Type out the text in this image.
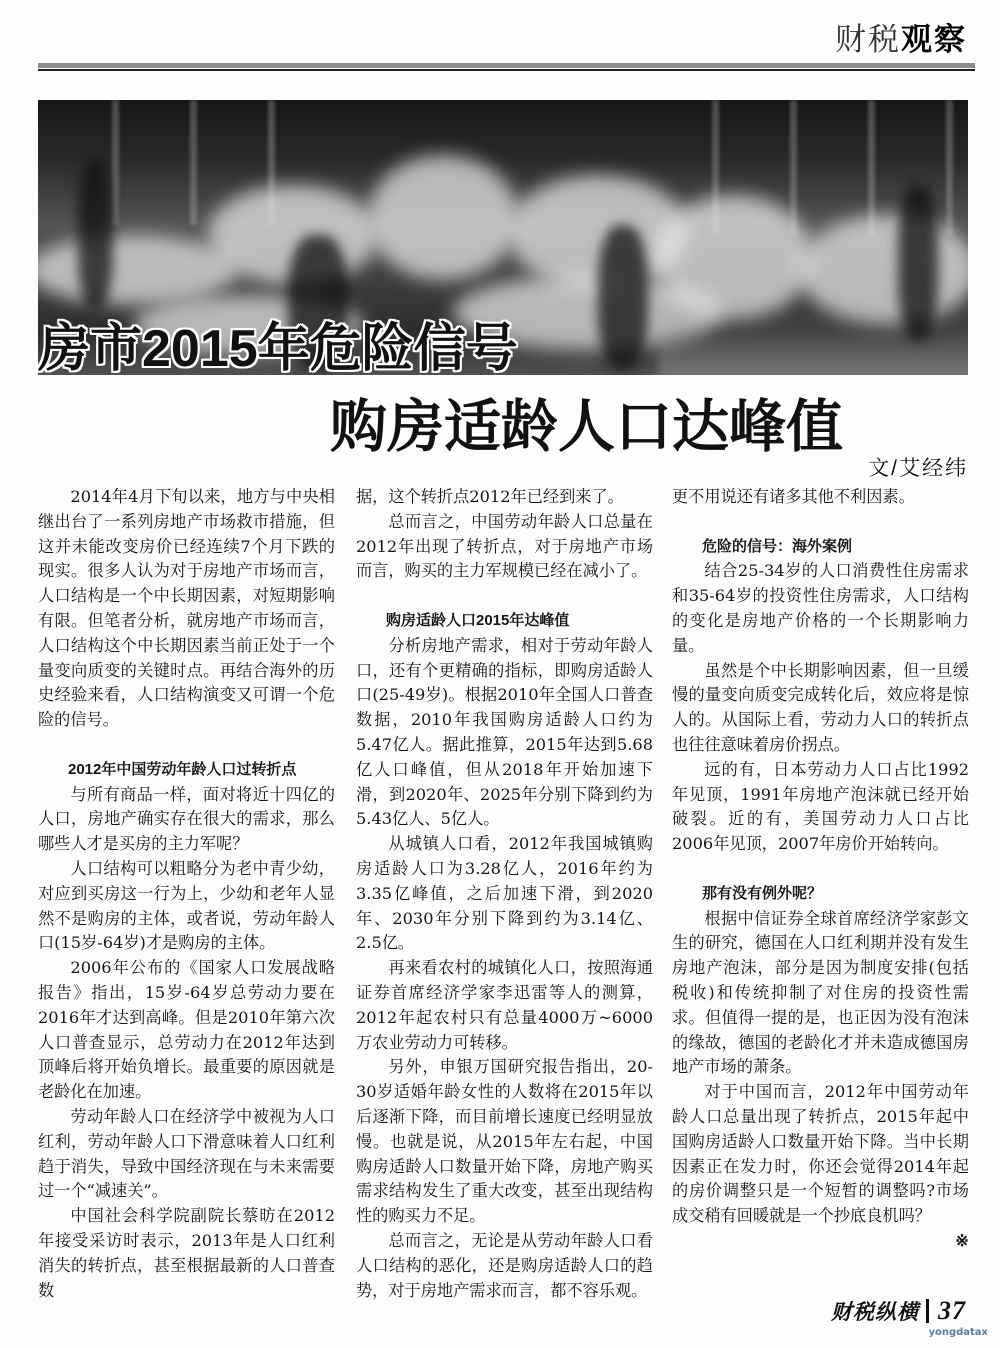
财税观察
房市2015年危险信号
购房适龄人口达峰值
文/艾经纬

2014年4月下旬以来，地方与中央相继出台了一系列房地产市场救市措施，但这并未能改变房价已经连续7个月下跌的现实。很多人认为对于房地产市场而言，人口结构是一个中长期因素，对短期影响有限。但笔者分析，就房地产市场而言，人口结构这个中长期因素当前正处于一个量变向质变的关键时点。再结合海外的历史经验来看，人口结构演变又可谓一个危险的信号。

2012年中国劳动年龄人口过转折点

与所有商品一样，面对将近十四亿的人口，房地产确实存在很大的需求，那么哪些人才是买房的主力军呢？

人口结构可以粗略分为老中青少幼，对应到买房这一行为上，少幼和老年人显然不是购房的主体，或者说，劳动年龄人口(15岁-64岁)才是购房的主体。

2006年公布的《国家人口发展战略报告》指出，15岁-64岁总劳动力要在2016年才达到高峰。但是2010年第六次人口普查显示，总劳动力在2012年达到顶峰后将开始负增长。最重要的原因就是老龄化在加速。

劳动年龄人口在经济学中被视为人口红利，劳动年龄人口下滑意味着人口红利趋于消失，导致中国经济现在与未来需要过一个“减速关”。

中国社会科学院副院长蔡昉在2012年接受采访时表示，2013年是人口红利消失的转折点，甚至根据最新的人口普查数

据，这个转折点2012年已经到来了。

总而言之，中国劳动年龄人口总量在2012年出现了转折点，对于房地产市场而言，购买的主力军规模已经在减小了。

购房适龄人口2015年达峰值

分析房地产需求，相对于劳动年龄人口，还有个更精确的指标，即购房适龄人口(25-49岁)。根据2010年全国人口普查数据，2010年我国购房适龄人口约为5.47亿人。据此推算，2015年达到5.68亿人口峰值，但从2018年开始加速下滑，到2020年、2025年分别下降到约为5.43亿人、5亿人。

从城镇人口看，2012年我国城镇购房适龄人口为3.28亿人，2016年约为3.35亿峰值，之后加速下滑，到2020年、2030年分别下降到约为3.14亿、2.5亿。

再来看农村的城镇化人口，按照海通证券首席经济学家李迅雷等人的测算，2012年起农村只有总量4000万~6000万农业劳动力可转移。

另外，申银万国研究报告指出，20-30岁适婚年龄女性的人数将在2015年以后逐渐下降，而目前增长速度已经明显放慢。也就是说，从2015年左右起，中国购房适龄人口数量开始下降，房地产购买需求结构发生了重大改变，甚至出现结构性的购买力不足。

总而言之，无论是从劳动年龄人口看人口结构的恶化，还是购房适龄人口的趋势，对于房地产需求而言，都不容乐观。

更不用说还有诸多其他不利因素。

危险的信号：海外案例

结合25-34岁的人口消费性住房需求和35-64岁的投资性住房需求，人口结构的变化是房地产价格的一个长期影响力量。

虽然是个中长期影响因素，但一旦缓慢的量变向质变完成转化后，效应将是惊人的。从国际上看，劳动力人口的转折点也往往意味着房价拐点。

远的有，日本劳动力人口占比1992年见顶，1991年房地产泡沫就已经开始破裂。近的有，美国劳动力人口占比2006年见顶，2007年房价开始转向。

那有没有例外呢？

根据中信证券全球首席经济学家彭文生的研究，德国在人口红利期并没有发生房地产泡沫，部分是因为制度安排(包括税收)和传统抑制了对住房的投资性需求。但值得一提的是，也正因为没有泡沫的缘故，德国的老龄化才并未造成德国房地产市场的萧条。

对于中国而言，2012年中国劳动年龄人口总量出现了转折点，2015年起中国购房适龄人口数量开始下降。当中长期因素正在发力时，你还会觉得2014年起的房价调整只是一个短暂的调整吗?市场成交稍有回暖就是一个抄底良机吗？

※

财税纵横 37
yongdatax
